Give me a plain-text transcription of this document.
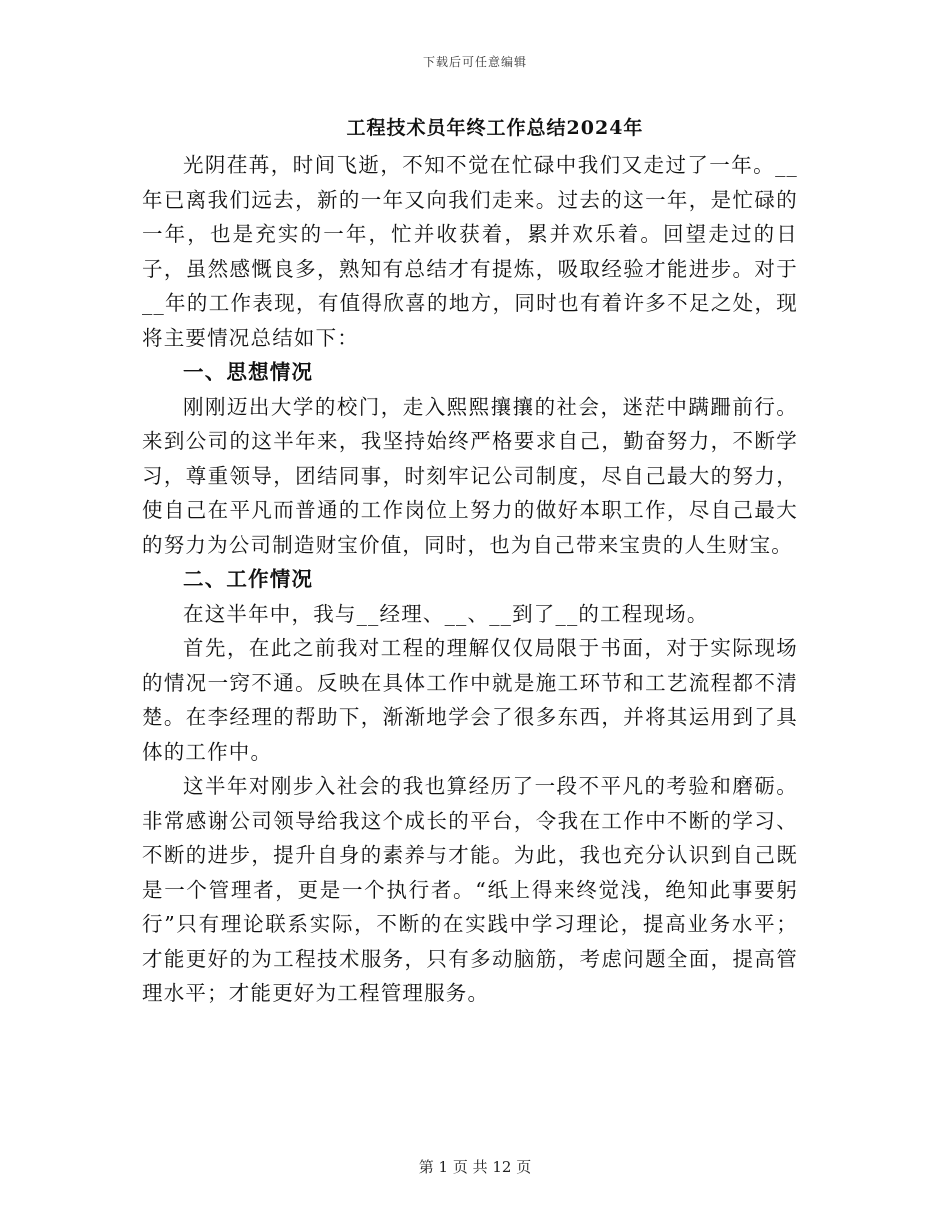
下载后可任意编辑
工程技术员年终工作总结2024年

光阴荏苒，时间飞逝，不知不觉在忙碌中我们又走过了一年。__年已离我们远去，新的一年又向我们走来。过去的这一年，是忙碌的一年，也是充实的一年，忙并收获着，累并欢乐着。回望走过的日子，虽然感慨良多，熟知有总结才有提炼，吸取经验才能进步。对于__年的工作表现，有值得欣喜的地方，同时也有着许多不足之处，现将主要情况总结如下：

一、思想情况

刚刚迈出大学的校门，走入熙熙攘攘的社会，迷茫中蹒跚前行。来到公司的这半年来，我坚持始终严格要求自己，勤奋努力，不断学习，尊重领导，团结同事，时刻牢记公司制度，尽自己最大的努力，使自己在平凡而普通的工作岗位上努力的做好本职工作，尽自己最大的努力为公司制造财宝价值，同时，也为自己带来宝贵的人生财宝。

二、工作情况

在这半年中，我与__经理、__、__到了__的工程现场。

首先，在此之前我对工程的理解仅仅局限于书面，对于实际现场的情况一窍不通。反映在具体工作中就是施工环节和工艺流程都不清楚。在李经理的帮助下，渐渐地学会了很多东西，并将其运用到了具体的工作中。

这半年对刚步入社会的我也算经历了一段不平凡的考验和磨砺。非常感谢公司领导给我这个成长的平台，令我在工作中不断的学习、不断的进步，提升自身的素养与才能。为此，我也充分认识到自己既是一个管理者，更是一个执行者。“纸上得来终觉浅，绝知此事要躬行”只有理论联系实际，不断的在实践中学习理论，提高业务水平；才能更好的为工程技术服务，只有多动脑筋，考虑问题全面，提高管理水平；才能更好为工程管理服务。

第 1 页 共 12 页
